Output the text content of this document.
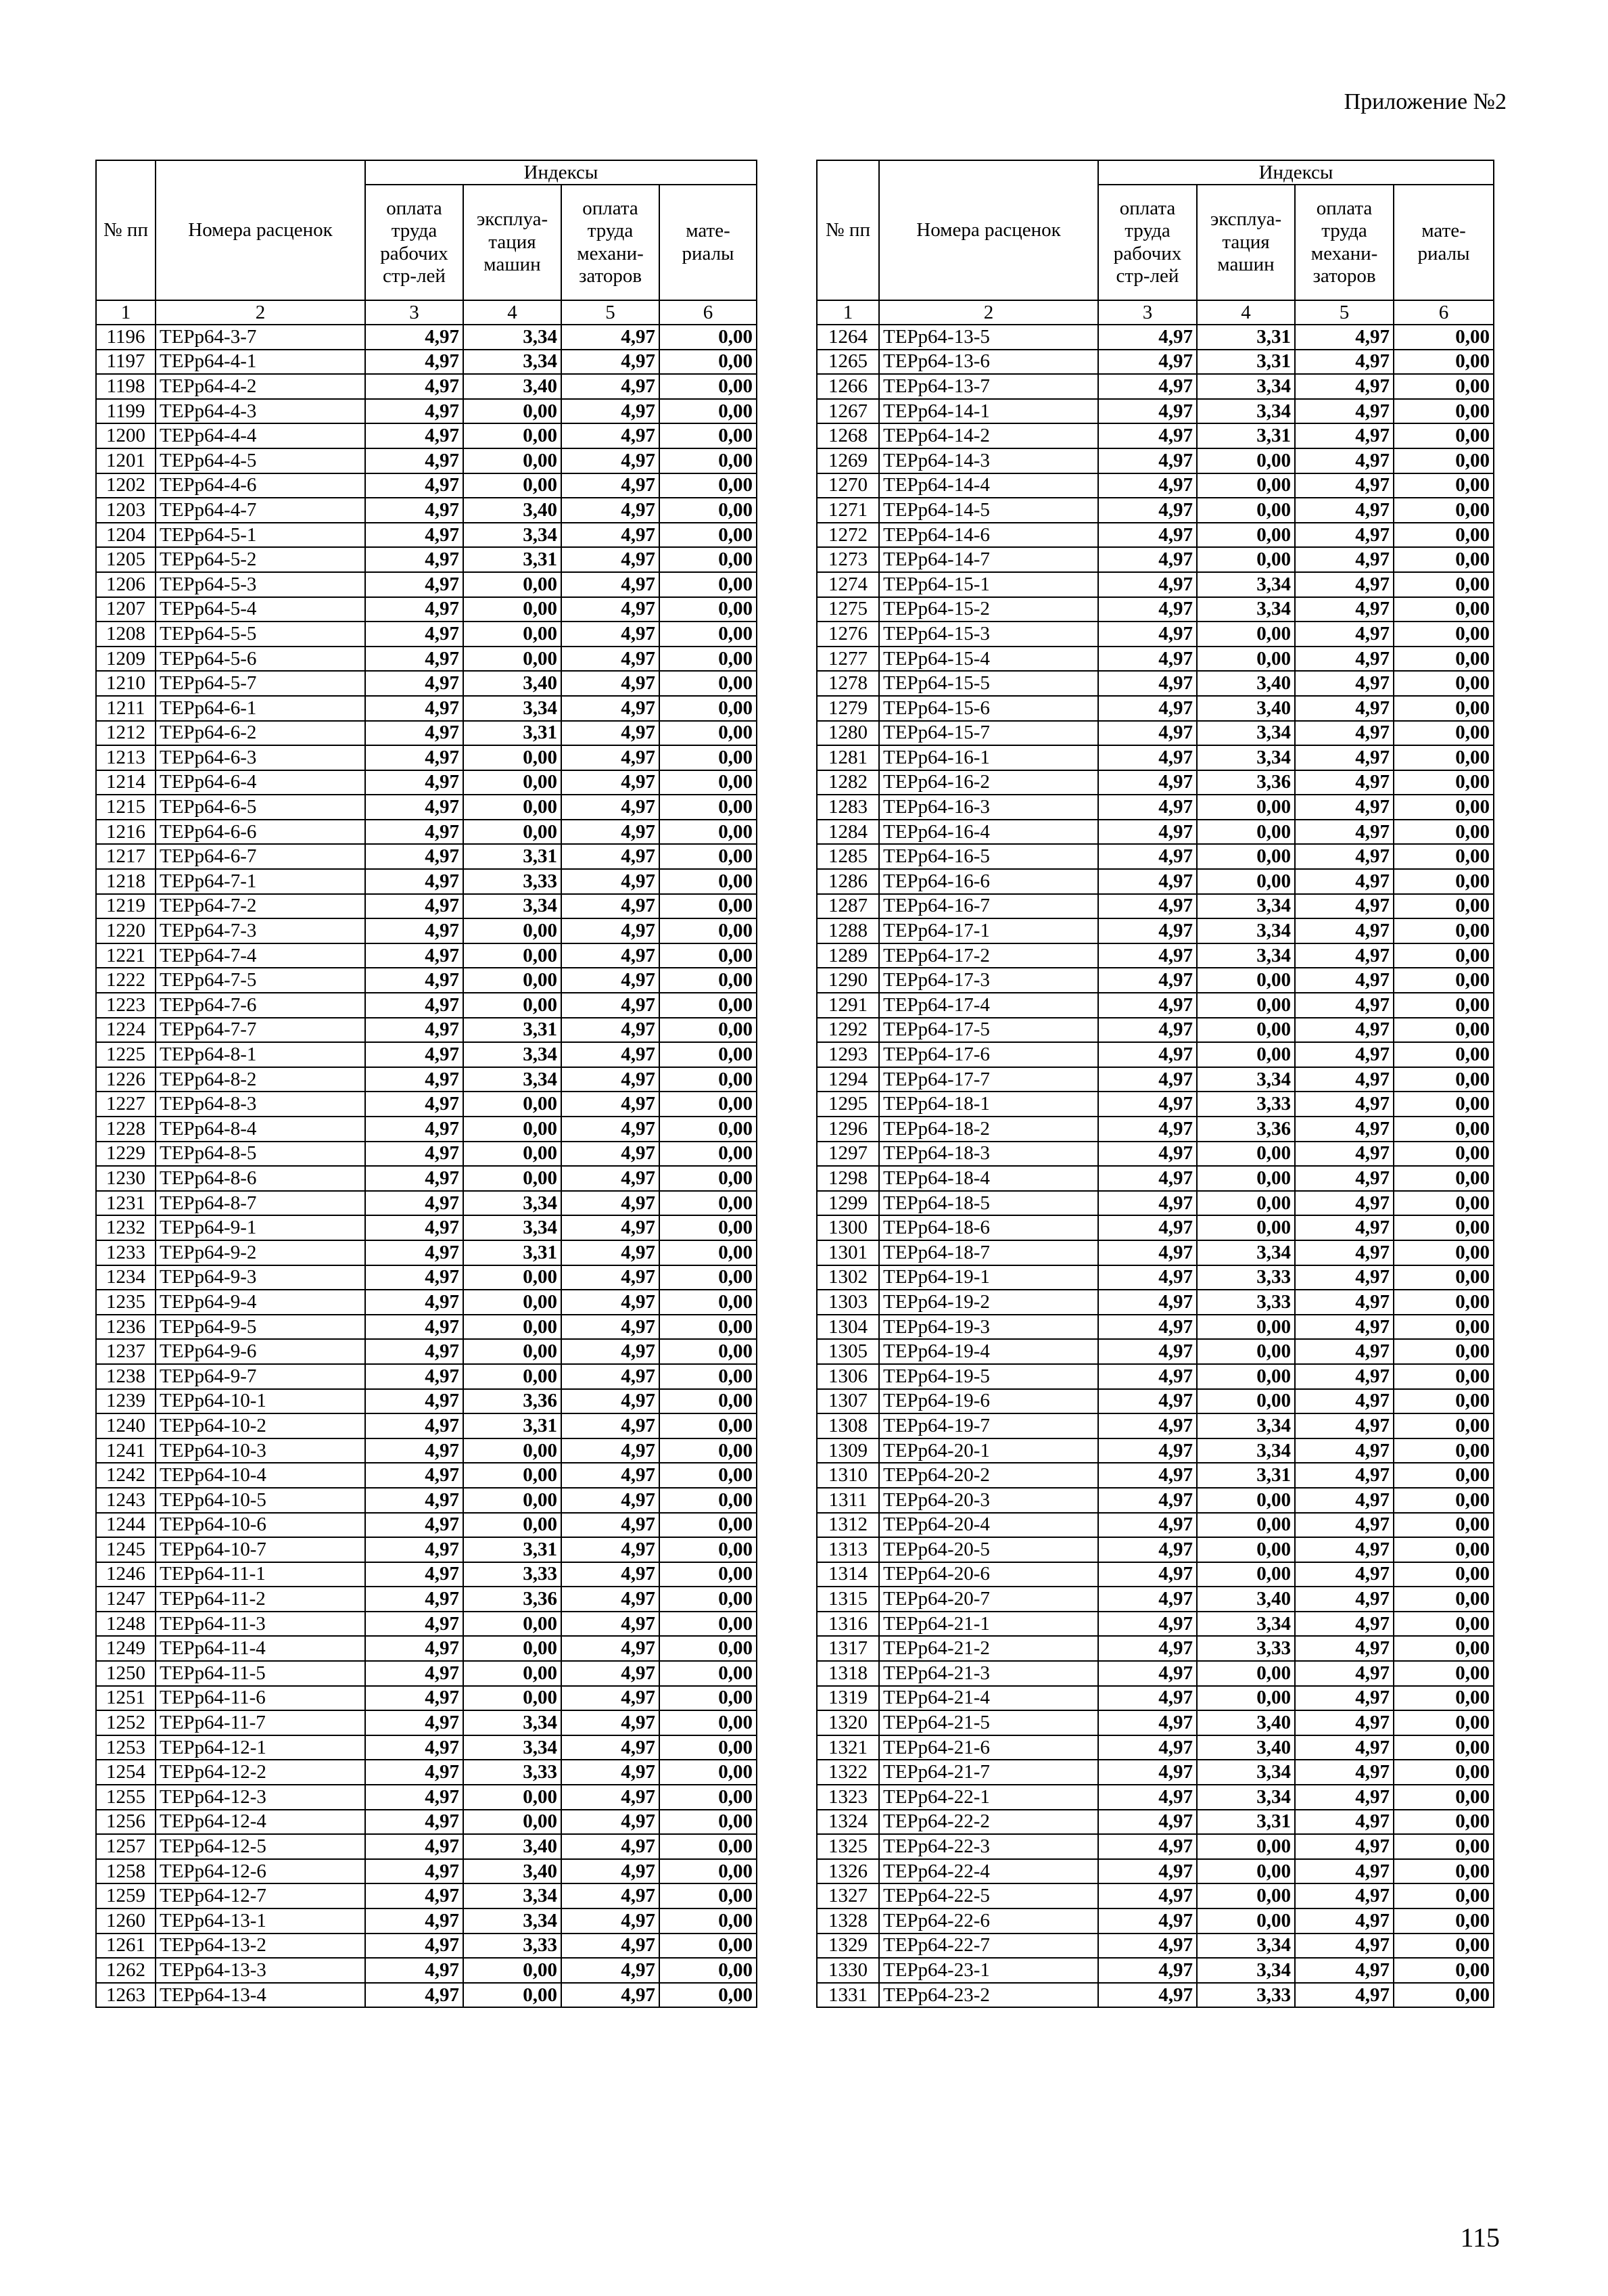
Приложение №2
№ пп	Номера расценок	Индексы			
		оплата
труда
рабочих
стр-лей	эксплуа-
тация
машин	оплата
труда
механи-
заторов	мате-
риалы
1	2	3	4	5	6
1196	ТЕРр64-3-7	4,97	3,34	4,97	0,00
1197	ТЕРр64-4-1	4,97	3,34	4,97	0,00
1198	ТЕРр64-4-2	4,97	3,40	4,97	0,00
1199	ТЕРр64-4-3	4,97	0,00	4,97	0,00
1200	ТЕРр64-4-4	4,97	0,00	4,97	0,00
1201	ТЕРр64-4-5	4,97	0,00	4,97	0,00
1202	ТЕРр64-4-6	4,97	0,00	4,97	0,00
1203	ТЕРр64-4-7	4,97	3,40	4,97	0,00
1204	ТЕРр64-5-1	4,97	3,34	4,97	0,00
1205	ТЕРр64-5-2	4,97	3,31	4,97	0,00
1206	ТЕРр64-5-3	4,97	0,00	4,97	0,00
1207	ТЕРр64-5-4	4,97	0,00	4,97	0,00
1208	ТЕРр64-5-5	4,97	0,00	4,97	0,00
1209	ТЕРр64-5-6	4,97	0,00	4,97	0,00
1210	ТЕРр64-5-7	4,97	3,40	4,97	0,00
1211	ТЕРр64-6-1	4,97	3,34	4,97	0,00
1212	ТЕРр64-6-2	4,97	3,31	4,97	0,00
1213	ТЕРр64-6-3	4,97	0,00	4,97	0,00
1214	ТЕРр64-6-4	4,97	0,00	4,97	0,00
1215	ТЕРр64-6-5	4,97	0,00	4,97	0,00
1216	ТЕРр64-6-6	4,97	0,00	4,97	0,00
1217	ТЕРр64-6-7	4,97	3,31	4,97	0,00
1218	ТЕРр64-7-1	4,97	3,33	4,97	0,00
1219	ТЕРр64-7-2	4,97	3,34	4,97	0,00
1220	ТЕРр64-7-3	4,97	0,00	4,97	0,00
1221	ТЕРр64-7-4	4,97	0,00	4,97	0,00
1222	ТЕРр64-7-5	4,97	0,00	4,97	0,00
1223	ТЕРр64-7-6	4,97	0,00	4,97	0,00
1224	ТЕРр64-7-7	4,97	3,31	4,97	0,00
1225	ТЕРр64-8-1	4,97	3,34	4,97	0,00
1226	ТЕРр64-8-2	4,97	3,34	4,97	0,00
1227	ТЕРр64-8-3	4,97	0,00	4,97	0,00
1228	ТЕРр64-8-4	4,97	0,00	4,97	0,00
1229	ТЕРр64-8-5	4,97	0,00	4,97	0,00
1230	ТЕРр64-8-6	4,97	0,00	4,97	0,00
1231	ТЕРр64-8-7	4,97	3,34	4,97	0,00
1232	ТЕРр64-9-1	4,97	3,34	4,97	0,00
1233	ТЕРр64-9-2	4,97	3,31	4,97	0,00
1234	ТЕРр64-9-3	4,97	0,00	4,97	0,00
1235	ТЕРр64-9-4	4,97	0,00	4,97	0,00
1236	ТЕРр64-9-5	4,97	0,00	4,97	0,00
1237	ТЕРр64-9-6	4,97	0,00	4,97	0,00
1238	ТЕРр64-9-7	4,97	0,00	4,97	0,00
1239	ТЕРр64-10-1	4,97	3,36	4,97	0,00
1240	ТЕРр64-10-2	4,97	3,31	4,97	0,00
1241	ТЕРр64-10-3	4,97	0,00	4,97	0,00
1242	ТЕРр64-10-4	4,97	0,00	4,97	0,00
1243	ТЕРр64-10-5	4,97	0,00	4,97	0,00
1244	ТЕРр64-10-6	4,97	0,00	4,97	0,00
1245	ТЕРр64-10-7	4,97	3,31	4,97	0,00
1246	ТЕРр64-11-1	4,97	3,33	4,97	0,00
1247	ТЕРр64-11-2	4,97	3,36	4,97	0,00
1248	ТЕРр64-11-3	4,97	0,00	4,97	0,00
1249	ТЕРр64-11-4	4,97	0,00	4,97	0,00
1250	ТЕРр64-11-5	4,97	0,00	4,97	0,00
1251	ТЕРр64-11-6	4,97	0,00	4,97	0,00
1252	ТЕРр64-11-7	4,97	3,34	4,97	0,00
1253	ТЕРр64-12-1	4,97	3,34	4,97	0,00
1254	ТЕРр64-12-2	4,97	3,33	4,97	0,00
1255	ТЕРр64-12-3	4,97	0,00	4,97	0,00
1256	ТЕРр64-12-4	4,97	0,00	4,97	0,00
1257	ТЕРр64-12-5	4,97	3,40	4,97	0,00
1258	ТЕРр64-12-6	4,97	3,40	4,97	0,00
1259	ТЕРр64-12-7	4,97	3,34	4,97	0,00
1260	ТЕРр64-13-1	4,97	3,34	4,97	0,00
1261	ТЕРр64-13-2	4,97	3,33	4,97	0,00
1262	ТЕРр64-13-3	4,97	0,00	4,97	0,00
1263	ТЕРр64-13-4	4,97	0,00	4,97	0,00
№ пп	Номера расценок	Индексы			
		оплата
труда
рабочих
стр-лей	эксплуа-
тация
машин	оплата
труда
механи-
заторов	мате-
риалы
1	2	3	4	5	6
1264	ТЕРр64-13-5	4,97	3,31	4,97	0,00
1265	ТЕРр64-13-6	4,97	3,31	4,97	0,00
1266	ТЕРр64-13-7	4,97	3,34	4,97	0,00
1267	ТЕРр64-14-1	4,97	3,34	4,97	0,00
1268	ТЕРр64-14-2	4,97	3,31	4,97	0,00
1269	ТЕРр64-14-3	4,97	0,00	4,97	0,00
1270	ТЕРр64-14-4	4,97	0,00	4,97	0,00
1271	ТЕРр64-14-5	4,97	0,00	4,97	0,00
1272	ТЕРр64-14-6	4,97	0,00	4,97	0,00
1273	ТЕРр64-14-7	4,97	0,00	4,97	0,00
1274	ТЕРр64-15-1	4,97	3,34	4,97	0,00
1275	ТЕРр64-15-2	4,97	3,34	4,97	0,00
1276	ТЕРр64-15-3	4,97	0,00	4,97	0,00
1277	ТЕРр64-15-4	4,97	0,00	4,97	0,00
1278	ТЕРр64-15-5	4,97	3,40	4,97	0,00
1279	ТЕРр64-15-6	4,97	3,40	4,97	0,00
1280	ТЕРр64-15-7	4,97	3,34	4,97	0,00
1281	ТЕРр64-16-1	4,97	3,34	4,97	0,00
1282	ТЕРр64-16-2	4,97	3,36	4,97	0,00
1283	ТЕРр64-16-3	4,97	0,00	4,97	0,00
1284	ТЕРр64-16-4	4,97	0,00	4,97	0,00
1285	ТЕРр64-16-5	4,97	0,00	4,97	0,00
1286	ТЕРр64-16-6	4,97	0,00	4,97	0,00
1287	ТЕРр64-16-7	4,97	3,34	4,97	0,00
1288	ТЕРр64-17-1	4,97	3,34	4,97	0,00
1289	ТЕРр64-17-2	4,97	3,34	4,97	0,00
1290	ТЕРр64-17-3	4,97	0,00	4,97	0,00
1291	ТЕРр64-17-4	4,97	0,00	4,97	0,00
1292	ТЕРр64-17-5	4,97	0,00	4,97	0,00
1293	ТЕРр64-17-6	4,97	0,00	4,97	0,00
1294	ТЕРр64-17-7	4,97	3,34	4,97	0,00
1295	ТЕРр64-18-1	4,97	3,33	4,97	0,00
1296	ТЕРр64-18-2	4,97	3,36	4,97	0,00
1297	ТЕРр64-18-3	4,97	0,00	4,97	0,00
1298	ТЕРр64-18-4	4,97	0,00	4,97	0,00
1299	ТЕРр64-18-5	4,97	0,00	4,97	0,00
1300	ТЕРр64-18-6	4,97	0,00	4,97	0,00
1301	ТЕРр64-18-7	4,97	3,34	4,97	0,00
1302	ТЕРр64-19-1	4,97	3,33	4,97	0,00
1303	ТЕРр64-19-2	4,97	3,33	4,97	0,00
1304	ТЕРр64-19-3	4,97	0,00	4,97	0,00
1305	ТЕРр64-19-4	4,97	0,00	4,97	0,00
1306	ТЕРр64-19-5	4,97	0,00	4,97	0,00
1307	ТЕРр64-19-6	4,97	0,00	4,97	0,00
1308	ТЕРр64-19-7	4,97	3,34	4,97	0,00
1309	ТЕРр64-20-1	4,97	3,34	4,97	0,00
1310	ТЕРр64-20-2	4,97	3,31	4,97	0,00
1311	ТЕРр64-20-3	4,97	0,00	4,97	0,00
1312	ТЕРр64-20-4	4,97	0,00	4,97	0,00
1313	ТЕРр64-20-5	4,97	0,00	4,97	0,00
1314	ТЕРр64-20-6	4,97	0,00	4,97	0,00
1315	ТЕРр64-20-7	4,97	3,40	4,97	0,00
1316	ТЕРр64-21-1	4,97	3,34	4,97	0,00
1317	ТЕРр64-21-2	4,97	3,33	4,97	0,00
1318	ТЕРр64-21-3	4,97	0,00	4,97	0,00
1319	ТЕРр64-21-4	4,97	0,00	4,97	0,00
1320	ТЕРр64-21-5	4,97	3,40	4,97	0,00
1321	ТЕРр64-21-6	4,97	3,40	4,97	0,00
1322	ТЕРр64-21-7	4,97	3,34	4,97	0,00
1323	ТЕРр64-22-1	4,97	3,34	4,97	0,00
1324	ТЕРр64-22-2	4,97	3,31	4,97	0,00
1325	ТЕРр64-22-3	4,97	0,00	4,97	0,00
1326	ТЕРр64-22-4	4,97	0,00	4,97	0,00
1327	ТЕРр64-22-5	4,97	0,00	4,97	0,00
1328	ТЕРр64-22-6	4,97	0,00	4,97	0,00
1329	ТЕРр64-22-7	4,97	3,34	4,97	0,00
1330	ТЕРр64-23-1	4,97	3,34	4,97	0,00
1331	ТЕРр64-23-2	4,97	3,33	4,97	0,00
115
